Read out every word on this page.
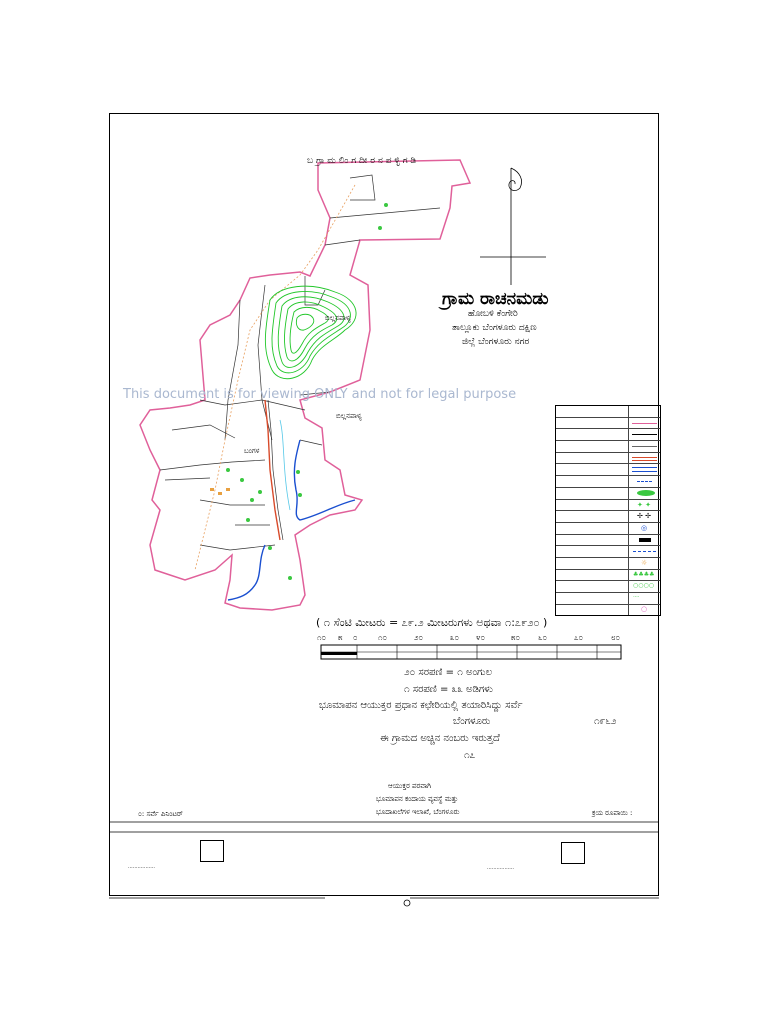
ಬ ಗ್ರಾ ಮ ಲಿಂ ಗ ದೀ ರ ನ ಪ ಳ್ಳಿ ಗ ಡಿ
ಬಿಲ್ಲನಪಾಳ್ಯ
ಬಿಲ್ಲನಪಾಳ್ಯ
ಬಂಗಳ
ಗ್ರಾಮ ರಾಚನಮಡು
ಹೋಬಳಿ ಕೆಂಗೇರಿ
ತಾಲ್ಲೂಕು ಬೆಂಗಳೂರು ದಕ್ಷಿಣ
ಜಿಲ್ಲೆ ಬೆಂಗಳೂರು ನಗರ
This document is for viewing ONLY and not for legal purpose
✦ ✦
✢ ✢
◎
☼
♣♣♣♣
○○○○
ᐧᐧᐧᐧ
○
( ೧ ಸೆಂಟಿ ಮೀಟರು = ೭೯.೨ ಮೀಟರುಗಳು ಅಥವಾ ೧:೭೯೨೦ )
೧೦ ೫ ೦	೧೦	೨೦	೩೦ ೪೦	೫೦ ೬೦	೭೦	೮೦
೨೦ ಸರಪಣಿ = ೧ ಅಂಗುಲ
೧ ಸರಪಣಿ = ೩೩ ಅಡಿಗಳು
ಭೂಮಾಪನ ಆಯುಕ್ತರ ಪ್ರಧಾನ ಕಛೇರಿಯಲ್ಲಿ ತಯಾರಿಸಿದ್ದು ಸರ್ವೆ
ಬೆಂಗಳೂರು	೧೯೬೨
ಈ ಗ್ರಾಮದ ಅಚ್ಚಿನ ನಂಬರು ಇರುತ್ತದೆ
೧೭
ಆಯುಕ್ತರ ಪರವಾಗಿ
ಭೂಮಾಪನ ಕಂದಾಯ ವ್ಯವಸ್ಥೆ ಮತ್ತು
ಭೂದಾಖಲೆಗಳ ಇಲಾಖೆ, ಬೆಂಗಳೂರು
೦: ಸರ್ವೆ ಪಿನಿಂಟರ್	ಕ್ರಯ ರೂಪಾಯಿ :
·················	·················
